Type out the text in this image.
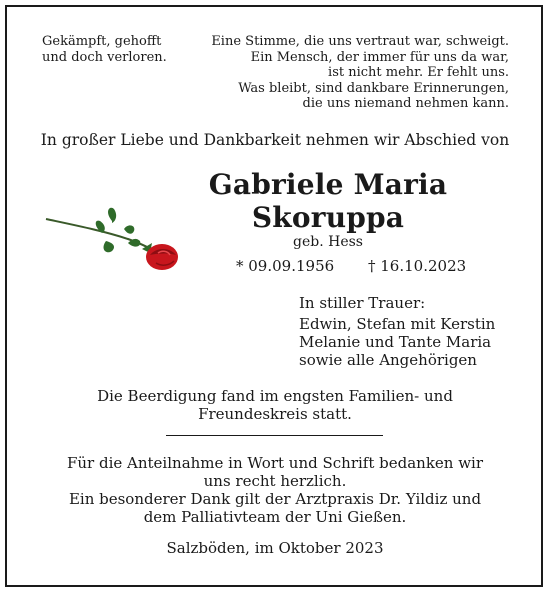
Gekämpft, gehofft
und doch verloren.
Eine Stimme, die uns vertraut war, schweigt.
Ein Mensch, der immer für uns da war,
ist nicht mehr. Er fehlt uns.
Was bleibt, sind dankbare Erinnerungen,
die uns niemand nehmen kann.
In großer Liebe und Dankbarkeit nehmen wir Abschied von
Gabriele Maria
Skoruppa
geb. Hess
* 09.09.1956 † 16.10.2023
In stiller Trauer:
Edwin, Stefan mit Kerstin
Melanie und Tante Maria
sowie alle Angehörigen
Die Beerdigung fand im engsten Familien- und
Freundeskreis statt.
Für die Anteilnahme in Wort und Schrift bedanken wir
uns recht herzlich.
Ein besonderer Dank gilt der Arztpraxis Dr. Yildiz und
dem Palliativteam der Uni Gießen.
Salzböden, im Oktober 2023
